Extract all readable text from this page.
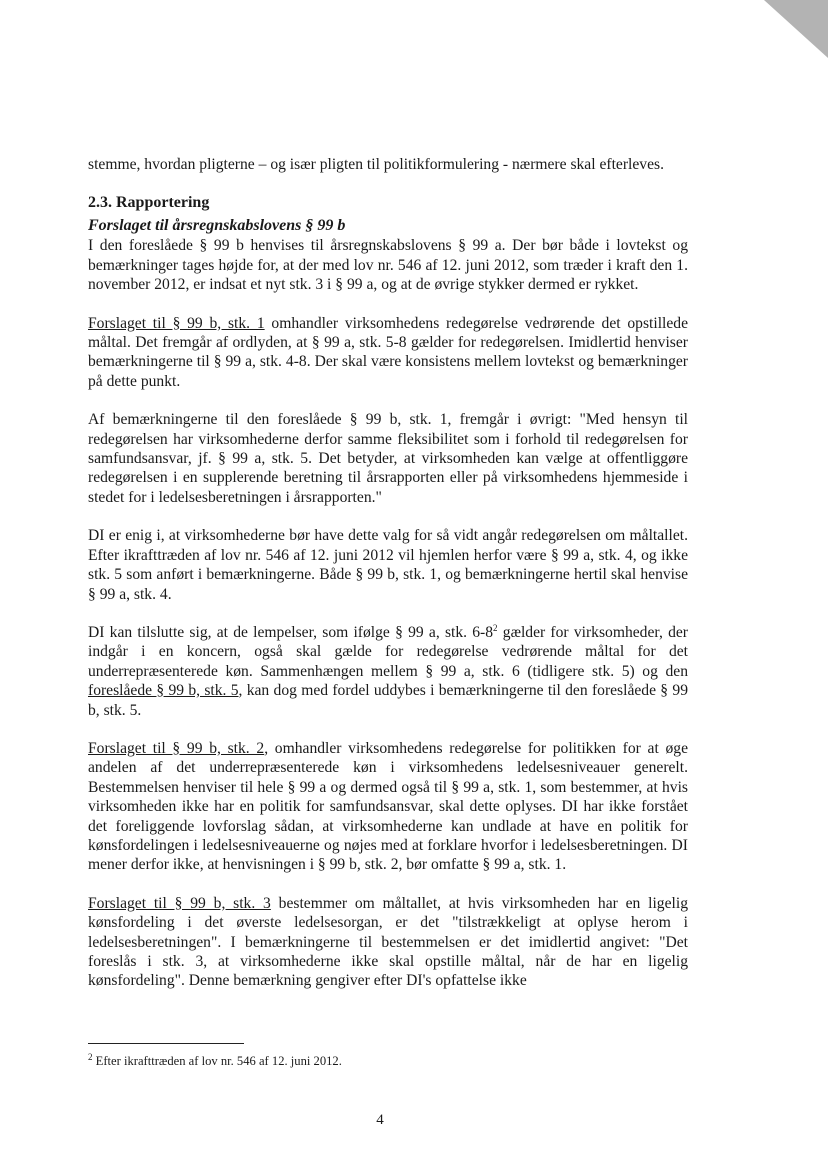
stemme, hvordan pligterne – og især pligten til politikformulering - nærmere skal efterleves.

2.3. Rapportering
Forslaget til årsregnskabslovens § 99 b

I den foreslåede § 99 b henvises til årsregnskabslovens § 99 a. Der bør både i lovtekst og bemærkninger tages højde for, at der med lov nr. 546 af 12. juni 2012, som træder i kraft den 1. november 2012, er indsat et nyt stk. 3 i § 99 a, og at de øvrige stykker dermed er rykket.

Forslaget til § 99 b, stk. 1 omhandler virksomhedens redegørelse vedrørende det opstillede måltal. Det fremgår af ordlyden, at § 99 a, stk. 5-8 gælder for redegørelsen. Imidlertid henviser bemærkningerne til § 99 a, stk. 4-8. Der skal være konsistens mellem lovtekst og bemærkninger på dette punkt.

Af bemærkningerne til den foreslåede § 99 b, stk. 1, fremgår i øvrigt: "Med hensyn til redegørelsen har virksomhederne derfor samme fleksibilitet som i forhold til redegørelsen for samfundsansvar, jf. § 99 a, stk. 5. Det betyder, at virksomheden kan vælge at offentliggøre redegørelsen i en supplerende beretning til årsrapporten eller på virksomhedens hjemmeside i stedet for i ledelsesberetningen i årsrapporten."

DI er enig i, at virksomhederne bør have dette valg for så vidt angår redegørelsen om måltallet. Efter ikrafttræden af lov nr. 546 af 12. juni 2012 vil hjemlen herfor være § 99 a, stk. 4, og ikke stk. 5 som anført i bemærkningerne. Både § 99 b, stk. 1, og bemærkningerne hertil skal henvise § 99 a, stk. 4.

DI kan tilslutte sig, at de lempelser, som ifølge § 99 a, stk. $6-8^2$ gælder for virksomheder, der indgår i en koncern, også skal gælde for redegørelse vedrørende måltal for det underrepræsenterede køn. Sammenhængen mellem § 99 a, stk. 6 (tidligere stk. 5) og den foreslåede § 99 b, stk. 5, kan dog med fordel uddybes i bemærkningerne til den foreslåede § 99 b, stk. 5.

Forslaget til § 99 b, stk. 2, omhandler virksomhedens redegørelse for politikken for at øge andelen af det underrepræsenterede køn i virksomhedens ledelsesniveauer generelt. Bestemmelsen henviser til hele § 99 a og dermed også til § 99 a, stk. 1, som bestemmer, at hvis virksomheden ikke har en politik for samfundsansvar, skal dette oplyses. DI har ikke forstået det foreliggende lovforslag sådan, at virksomhederne kan undlade at have en politik for kønsfordelingen i ledelsesniveauerne og nøjes med at forklare hvorfor i ledelsesberetningen. DI mener derfor ikke, at henvisningen i § 99 b, stk. 2, bør omfatte § 99 a, stk. 1.

Forslaget til § 99 b, stk. 3 bestemmer om måltallet, at hvis virksomheden har en ligelig kønsfordeling i det øverste ledelsesorgan, er det "tilstrækkeligt at oplyse herom i ledelsesberetningen". I bemærkningerne til bestemmelsen er det imidlertid angivet: "Det foreslås i stk. 3, at virksomhederne ikke skal opstille måltal, når de har en ligelig kønsfordeling". Denne bemærkning gengiver efter DI's opfattelse ikke

$^2$ Efter ikrafttræden af lov nr. 546 af 12. juni 2012.
4
